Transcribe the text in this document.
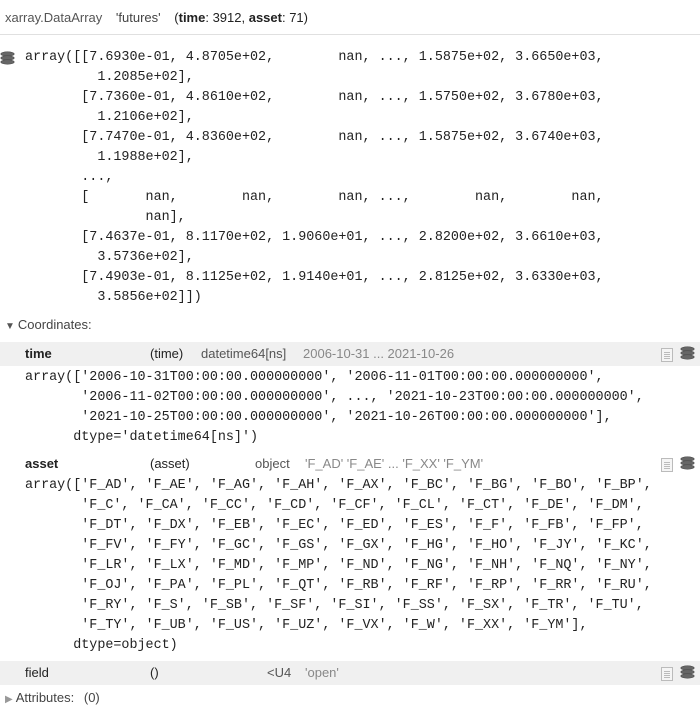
xarray.DataArray 'futures' (time: 3912, asset: 71)
array([[7.6930e-01, 4.8705e+02,        nan, ..., 1.5875e+02, 3.6650e+03,
1.2085e+02],
[7.7360e-01, 4.8610e+02,        nan, ..., 1.5750e+02, 3.6780e+03,
1.2106e+02],
[7.7470e-01, 4.8360e+02,        nan, ..., 1.5875e+02, 3.6740e+03,
1.1988e+02],
...,
[       nan,        nan,        nan, ...,        nan,        nan,
nan],
[7.4637e-01, 8.1170e+02, 1.9060e+01, ..., 2.8200e+02, 3.6610e+03,
3.5736e+02],
[7.4903e-01, 8.1125e+02, 1.9140e+01, ..., 2.8125e+02, 3.6330e+03,
3.5856e+02]])
▼ Coordinates:
time	(time) datetime64[ns] 2006-10-31 ... 2021-10-26
array(['2006-10-31T00:00:00.000000000', '2006-11-01T00:00:00.000000000',
'2006-11-02T00:00:00.000000000', ..., '2021-10-23T00:00:00.000000000',
'2021-10-25T00:00:00.000000000', '2021-10-26T00:00:00.000000000'],
dtype='datetime64[ns]')
asset	(asset)	object 'F_AD' 'F_AE' ... 'F_XX' 'F_YM'
array(['F_AD', 'F_AE', 'F_AG', 'F_AH', 'F_AX', 'F_BC', 'F_BG', 'F_BO', 'F_BP',
'F_C', 'F_CA', 'F_CC', 'F_CD', 'F_CF', 'F_CL', 'F_CT', 'F_DE', 'F_DM',
'F_DT', 'F_DX', 'F_EB', 'F_EC', 'F_ED', 'F_ES', 'F_F', 'F_FB', 'F_FP',
'F_FV', 'F_FY', 'F_GC', 'F_GS', 'F_GX', 'F_HG', 'F_HO', 'F_JY', 'F_KC',
'F_LR', 'F_LX', 'F_MD', 'F_MP', 'F_ND', 'F_NG', 'F_NH', 'F_NQ', 'F_NY',
'F_OJ', 'F_PA', 'F_PL', 'F_QT', 'F_RB', 'F_RF', 'F_RP', 'F_RR', 'F_RU',
'F_RY', 'F_S', 'F_SB', 'F_SF', 'F_SI', 'F_SS', 'F_SX', 'F_TR', 'F_TU',
'F_TY', 'F_UB', 'F_US', 'F_UZ', 'F_VX', 'F_W', 'F_XX', 'F_YM'],
dtype=object)
field	()	<U4 'open'
▶ Attributes: (0)
